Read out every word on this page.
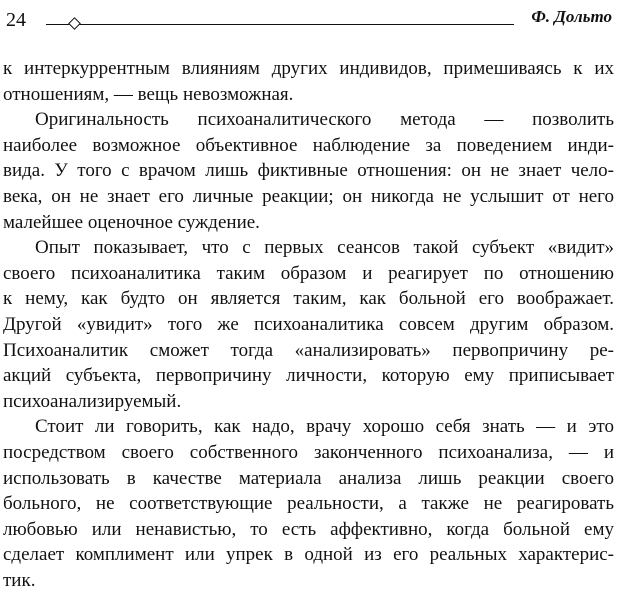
24	Ф. Дольто

к интеркуррентным влияниям других индивидов, примешиваясь к их
отношениям, — вещь невозможная.

Оригинальность психоаналитического метода — позволить
наиболее возможное объективное наблюдение за поведением инди-
вида. У того с врачом лишь фиктивные отношения: он не знает чело-
века, он не знает его личные реакции; он никогда не услышит от него
малейшее оценочное суждение.

Опыт показывает, что с первых сеансов такой субъект «видит»
своего психоаналитика таким образом и реагирует по отношению
к нему, как будто он является таким, как больной его воображает.
Другой «увидит» того же психоаналитика совсем другим образом.
Психоаналитик сможет тогда «анализировать» первопричину ре-
акций субъекта, первопричину личности, которую ему приписывает
психоанализируемый.

Стоит ли говорить, как надо, врачу хорошо себя знать — и это
посредством своего собственного законченного психоанализа, — и
использовать в качестве материала анализа лишь реакции своего
больного, не соответствующие реальности, а также не реагировать
любовью или ненавистью, то есть аффективно, когда больной ему
сделает комплимент или упрек в одной из его реальных характерис-
тик.
